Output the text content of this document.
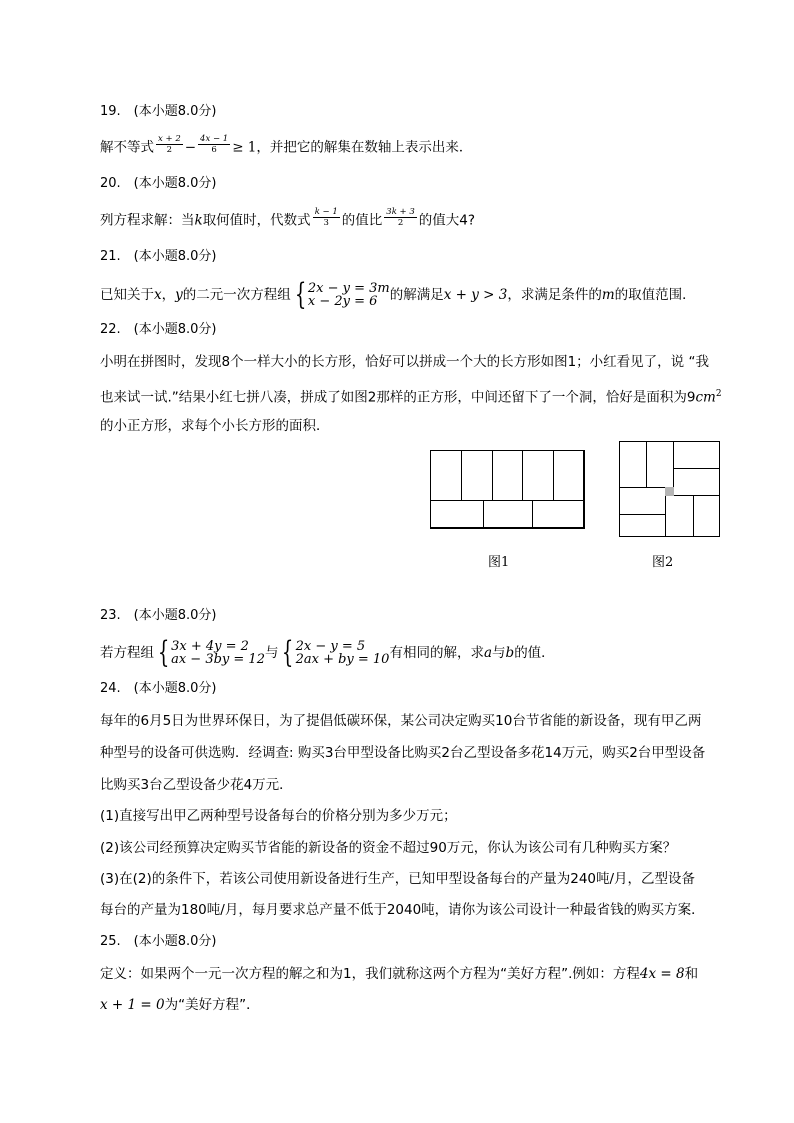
19.　(本小题8.0分)
解不等式 $\frac{x + 2}{2} - \frac{4x - 1}{6} \ge 1$，并把它的解集在数轴上表示出来．
20.　(本小题8.0分)
列方程求解：当k取何值时，代数式 $\frac{k - 1}{3}$ 的值比 $\frac{3k + 3}{2}$ 的值大4?
21.　(本小题8.0分)
已知关于x，y的二元一次方程组 { 2x − y = 3m
x − 2y = 6 的解满足x + y > 3，求满足条件的m的取值范围．
22.　(本小题8.0分)
小明在拼图时，发现8个一样大小的长方形，恰好可以拼成一个大的长方形如图1；小红看见了，说 “我
也来试一试.”结果小红七拼八凑，拼成了如图2那样的正方形，中间还留下了一个洞，恰好是面积为$9cm^2$
的小正方形，求每个小长方形的面积．
图1	图2
23.　(本小题8.0分)
若方程组 { 3x + 4y = 2
ax − 3by = 12 与 { 2x − y = 5
2ax + by = 10 有相同的解，求a与b的值．
24.　(本小题8.0分)
每年的6月5日为世界环保日，为了提倡低碳环保，某公司决定购买10台节省能的新设备，现有甲乙两
种型号的设备可供选购．经调查: 购买3台甲型设备比购买2台乙型设备多花14万元，购买2台甲型设备
比购买3台乙型设备少花4万元．
(1)直接写出甲乙两种型号设备每台的价格分别为多少万元；
(2)该公司经预算决定购买节省能的新设备的资金不超过90万元，你认为该公司有几种购买方案？
(3)在(2)的条件下，若该公司使用新设备进行生产，已知甲型设备每台的产量为240吨/月，乙型设备
每台的产量为180吨/月，每月要求总产量不低于2040吨，请你为该公司设计一种最省钱的购买方案．
25.　(本小题8.0分)
定义：如果两个一元一次方程的解之和为1，我们就称这两个方程为“美好方程”.例如：方程4x = 8和
x + 1 = 0为“美好方程”．
